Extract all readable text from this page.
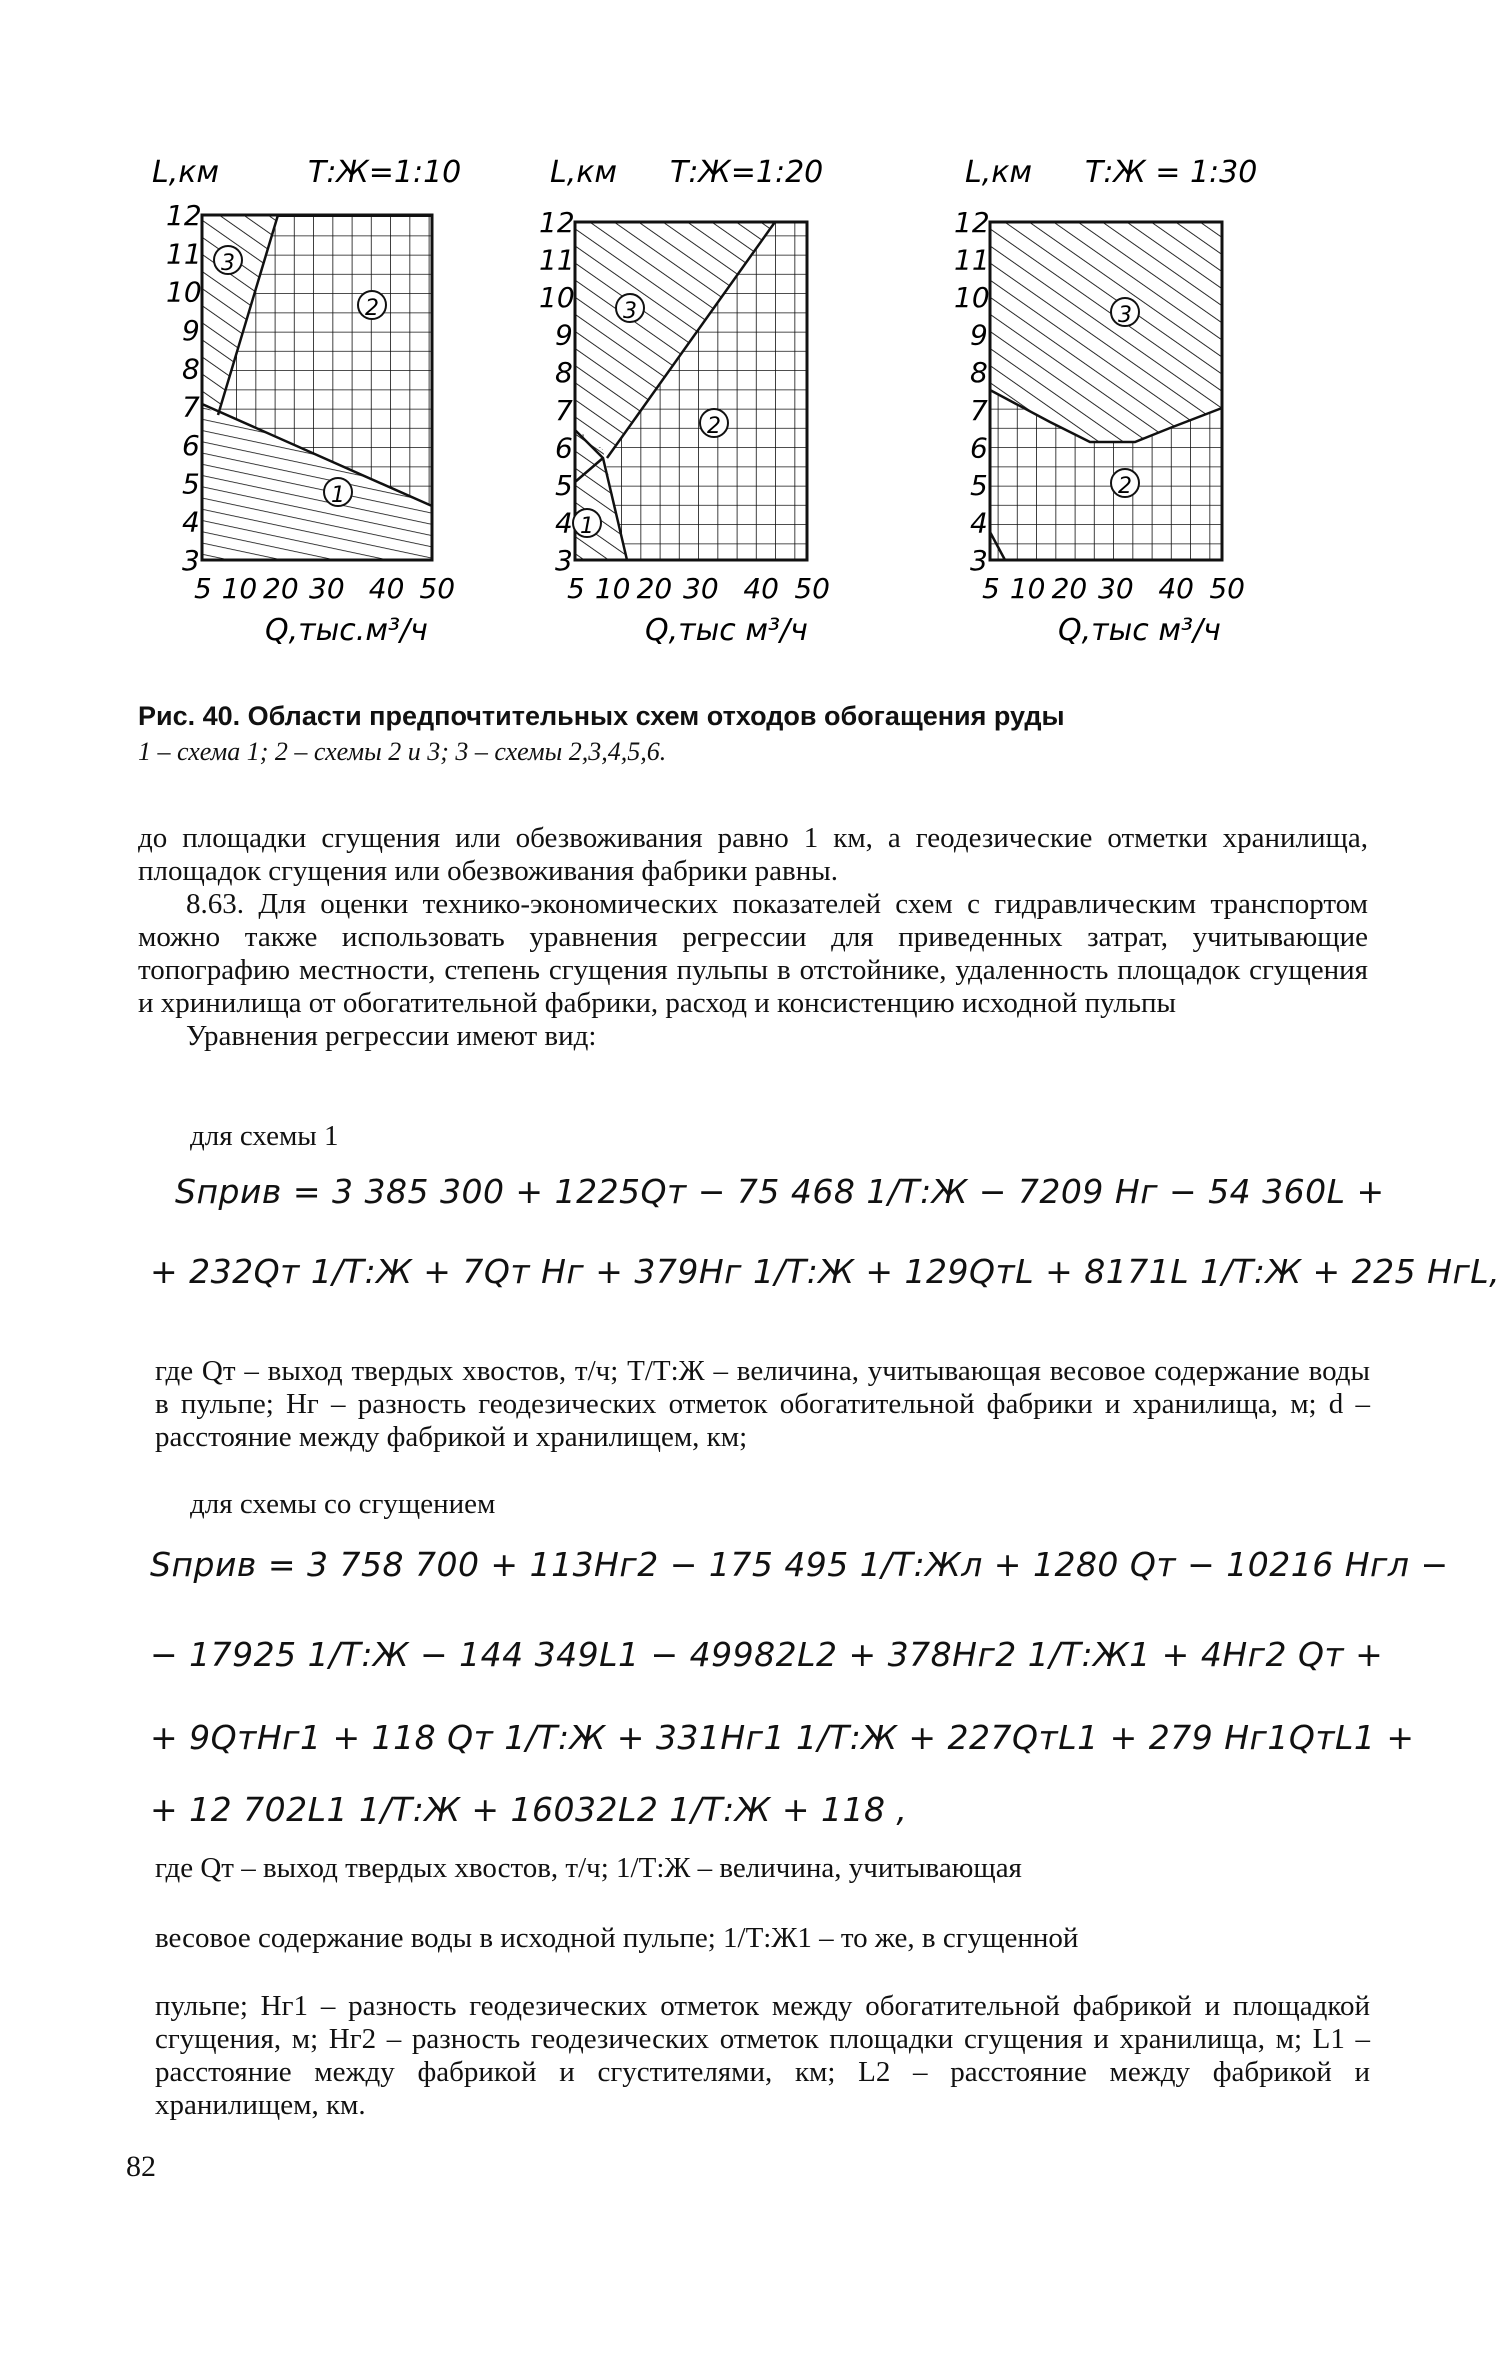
L,км	Т:Ж=1:10
1
2
3
12
11
10
9
8
7
6
5
4
3
5 10 20 30 40 50
Q,тыс.м³/ч
L,км Т:Ж=1:20
1
2
3
12
11
10
9
8
7
6
5
4
3
5 10 20 30 40 50
Q,тыс м³/ч
L,км Т:Ж = 1:30
2
3
12
11
10
9
8
7
6
5
4
3
5 10 20 30 40 50
Q,тыс м³/ч
Рис. 40. Области предпочтительных схем отходов обогащения руды
1 – схема 1; 2 – схемы 2 и 3; 3 – схемы 2,3,4,5,6.

до площадки сгущения или обезвоживания равно 1 км, а геодезические отметки хранилища, площадок сгущения или обезвоживания фабрики равны.

8.63. Для оценки технико-экономических показателей схем с гидравлическим транспортом можно также использовать уравнения регрессии для приведенных затрат, учитывающие топографию местности, степень сгущения пульпы в отстойнике, удаленность площадок сгущения и хринилища от обогатительной фабрики, расход и консистенцию исходной пульпы

Уравнения регрессии имеют вид:

для схемы 1
Sприв = 3 385 300 + 1225Qт − 75 468 1/Т:Ж − 7209 Hг − 54 360L +
+ 232Qт 1/Т:Ж + 7Qт Hг + 379Hг 1/Т:Ж + 129QтL + 8171L 1/Т:Ж + 225 HгL,
где Qт – выход твердых хвостов, т/ч; Т/Т:Ж – величина, учитывающая весовое содержание воды в пульпе; Hг – разность геодезических отметок обогатительной фабрики и хранилища, м; d – расстояние между фабрикой и хранилищем, км;
для схемы со сгущением
Sприв = 3 758 700 + 113Hг2 − 175 495 1/Т:Жл + 1280 Qт − 10216 Hгл −
− 17925 1/Т:Ж − 144 349L1 − 49982L2 + 378Hг2 1/Т:Ж1 + 4Hг2 Qт +
+ 9QтHг1 + 118 Qт 1/Т:Ж + 331Hг1 1/Т:Ж + 227QтL1 + 279 Hг1QтL1 +
+ 12 702L1 1/Т:Ж + 16032L2 1/Т:Ж + 118 ,
где Qт – выход твердых хвостов, т/ч; 1/Т:Ж – величина, учитывающая
весовое содержание воды в исходной пульпе; 1/Т:Ж1 – то же, в сгущенной
пульпе; Hг1 – разность геодезических отметок между обогатительной фабрикой и площадкой сгущения, м; Hг2 – разность геодезических отметок площадки сгущения и хранилища, м; L1 – расстояние между фабрикой и сгустителями, км; L2 – расстояние между фабрикой и хранилищем, км.
82
